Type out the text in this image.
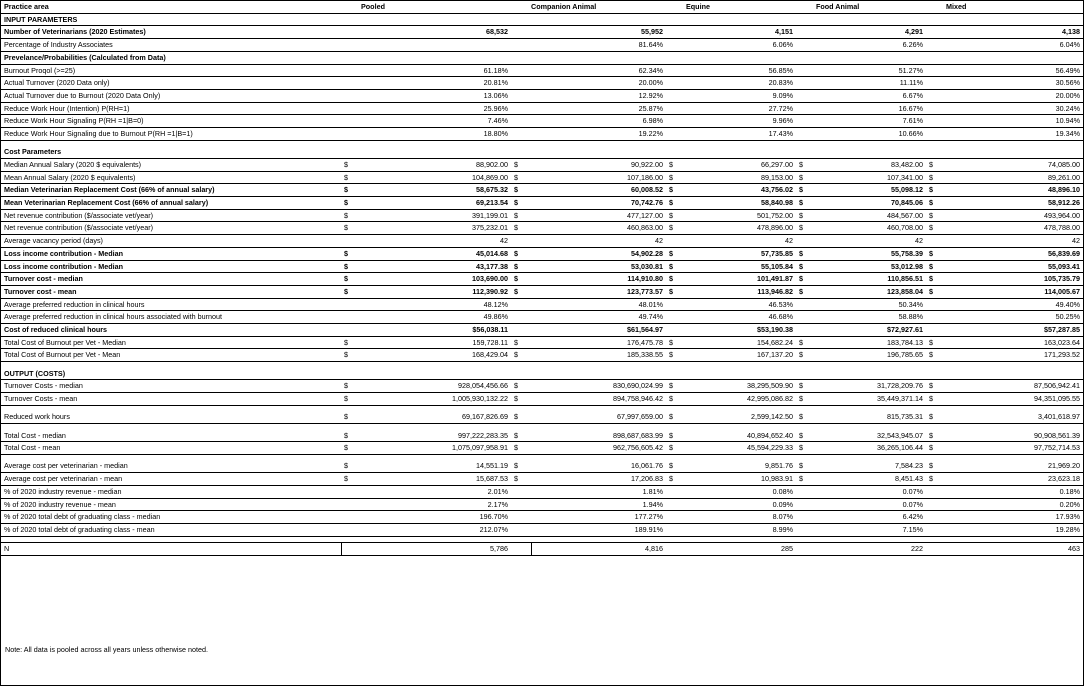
Practice area		Pooled		Companion Animal		Equine		Food Animal		Mixed
INPUT PARAMETERS										
Number of Veterinarians (2020 Estimates)		68,532		55,952		4,151		4,291		4,138
Percentage of Industry Associates				81.64%		6.06%		6.26%		6.04%
Prevelance/Probabilities (Calculated from Data)										
Burnout Proqol (>=25)		61.18%		62.34%		56.85%		51.27%		56.49%
Actual Turnover (2020 Data only)		20.81%		20.00%		20.83%		11.11%		30.56%
Actual Turnover due to Burnout (2020 Data Only)		13.06%		12.92%		9.09%		6.67%		20.00%
Reduce Work Hour (Intention) P(RH=1)		25.96%		25.87%		27.72%		16.67%		30.24%
Reduce Work Hour Signaling P(RH =1|B=0)		7.46%		6.98%		9.96%		7.61%		10.94%
Reduce Work Hour Signaling due to Burnout P(RH =1|B=1)		18.80%		19.22%		17.43%		10.66%		19.34%

Cost Parameters										
Median Annual Salary (2020 $ equivalents)	$	88,902.00	$	90,922.00	$	66,297.00	$	83,482.00	$	74,085.00
Mean Annual Salary (2020 $ equivalents)	$	104,869.00	$	107,186.00	$	89,153.00	$	107,341.00	$	89,261.00
Median Veterinarian Replacement Cost (66% of annual salary)	$	58,675.32	$	60,008.52	$	43,756.02	$	55,098.12	$	48,896.10
Mean Veterinarian Replacement Cost (66% of annual salary)	$	69,213.54	$	70,742.76	$	58,840.98	$	70,845.06	$	58,912.26
Net revenue contribution ($/associate vet/year)	$	391,199.01	$	477,127.00	$	501,752.00	$	484,567.00	$	493,964.00
Net revenue contribution ($/associate vet/year)	$	375,232.01	$	460,863.00	$	478,896.00	$	460,708.00	$	478,788.00
Average vacancy period (days)		42		42		42		42		42
Loss income contribution - Median	$	45,014.68	$	54,902.28	$	57,735.85	$	55,758.39	$	56,839.69
Loss income contribution - Median	$	43,177.38	$	53,030.81	$	55,105.84	$	53,012.98	$	55,093.41
Turnover cost - median	$	103,690.00	$	114,910.80	$	101,491.87	$	110,856.51	$	105,735.79
Turnover cost - mean	$	112,390.92	$	123,773.57	$	113,946.82	$	123,858.04	$	114,005.67
Average preferred reduction in clinical hours		48.12%		48.01%		46.53%		50.34%		49.40%
Average preferred reduction in clinical hours associated with burnout		49.86%		49.74%		46.68%		58.88%		50.25%
Cost of reduced clinical hours		$56,038.11		$61,564.97		$53,190.38		$72,927.61		$57,287.85
Total Cost of Burnout per Vet - Median	$	159,728.11	$	176,475.78	$	154,682.24	$	183,784.13	$	163,023.64
Total Cost of Burnout per Vet - Mean	$	168,429.04	$	185,338.55	$	167,137.20	$	196,785.65	$	171,293.52

OUTPUT (COSTS)										
Turnover Costs - median	$	928,054,456.66	$	830,690,024.99	$	38,295,509.90	$	31,728,209.76	$	87,506,942.41
Turnover Costs - mean	$	1,005,930,132.22	$	894,758,946.42	$	42,995,086.82	$	35,449,371.14	$	94,351,095.55

Reduced work hours	$	69,167,826.69	$	67,997,659.00	$	2,599,142.50	$	815,735.31	$	3,401,618.97

Total Cost - median	$	997,222,283.35	$	898,687,683.99	$	40,894,652.40	$	32,543,945.07	$	90,908,561.39
Total Cost - mean	$	1,075,097,958.91	$	962,756,605.42	$	45,594,229.33	$	36,265,106.44	$	97,752,714.53

Average cost per veterinarian - median	$	14,551.19	$	16,061.76	$	9,851.76	$	7,584.23	$	21,969.20
Average cost per veterinarian - mean	$	15,687.53	$	17,206.83	$	10,983.91	$	8,451.43	$	23,623.18
% of 2020 industry revenue - median		2.01%		1.81%		0.08%		0.07%		0.18%
% of 2020 industry revenue - mean		2.17%		1.94%		0.09%		0.07%		0.20%
% of 2020 total debt of graduating class - median		196.70%		177.27%		8.07%		6.42%		17.93%
% of 2020 total debt of graduating class - mean		212.07%		189.91%		8.99%		7.15%		19.28%

N		5,786		4,816		285		222		463
Note: All data is pooled across all years unless otherwise noted.
